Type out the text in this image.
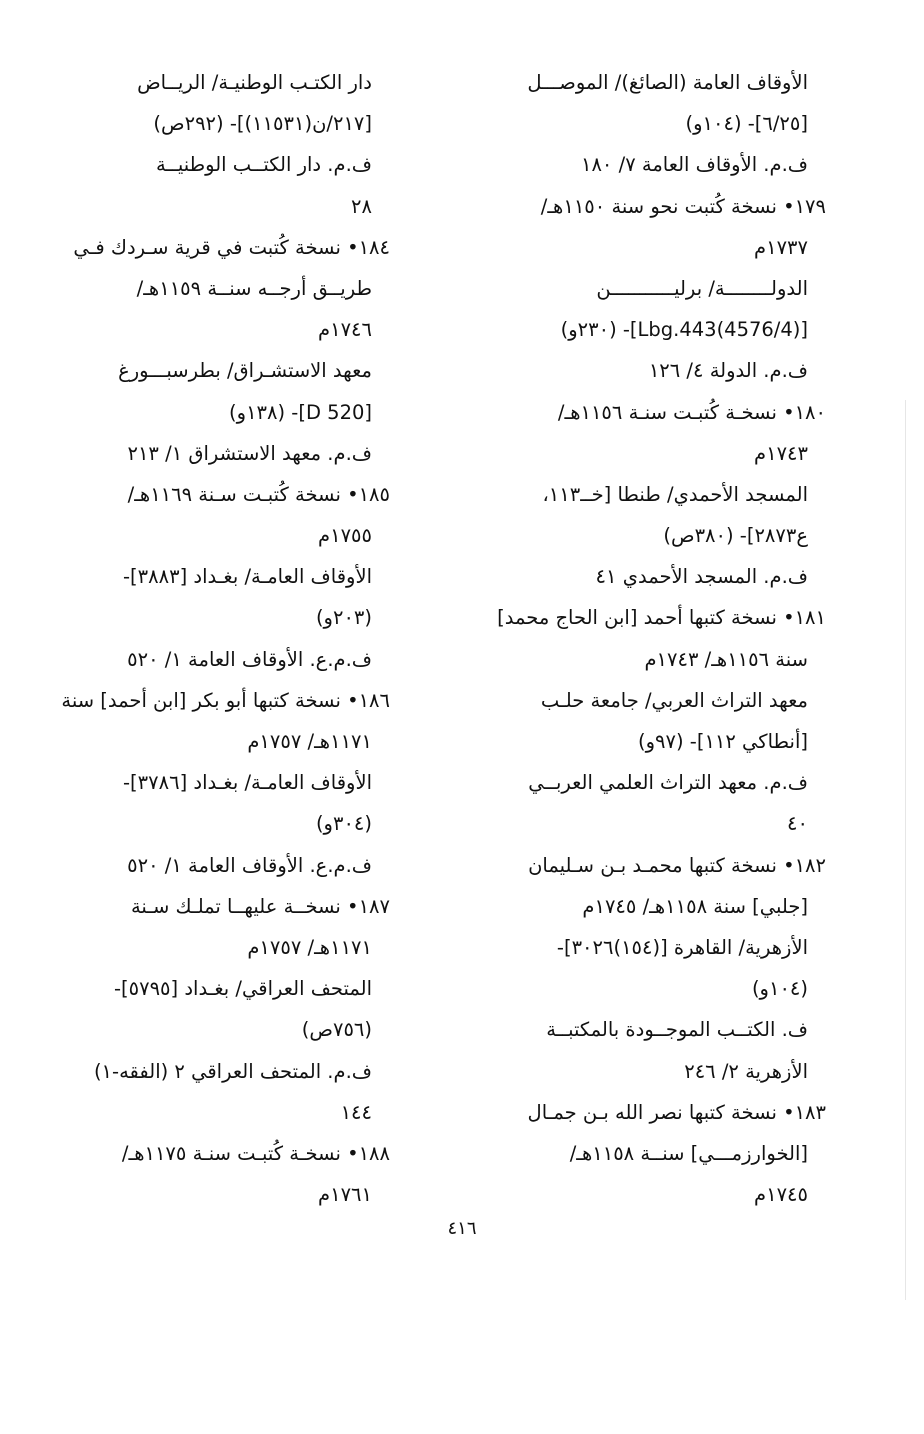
الأوقاف العامة (الصائغ)/ الموصـــل
[٦/٢٥]- (١٠٤و)
ف.م. الأوقاف العامة ٧/ ١٨٠
١٧٩• نسخة كُتبت نحو سنة ١١٥٠هـ/
١٧٣٧م
الدولــــــــة/ برليـــــــــــن
[Lbg.443(4576/4)]- (٢٣٠و)
ف.م. الدولة ٤/ ١٢٦
١٨٠• نسخـة كُتبـت سنـة ١١٥٦هـ/
١٧٤٣م
المسجد الأحمدي/ طنطا [خــ١١٣،
ع٢٨٧٣]- (٣٨٠ص)
ف.م. المسجد الأحمدي ٤١
١٨١• نسخة كتبها أحمد [ابن الحاج محمد]
سنة ١١٥٦هـ/ ١٧٤٣م
معهد التراث العربي/ جامعة حلـب
[أنطاكي ١١٢]- (٩٧و)
ف.م. معهد التراث العلمي العربــي
٤٠
١٨٢• نسخة كتبها محمـد بـن سـليمان
[جلبي] سنة ١١٥٨هـ/ ١٧٤٥م
الأزهرية/ القاهرة [(١٥٤)٣٠٢٦]-
(١٠٤و)
ف. الكتــب الموجــودة بالمكتبــة
الأزهرية ٢/ ٢٤٦
١٨٣• نسخة كتبها نصر الله بـن جمـال
[الخوارزمـــي] سنــة ١١٥٨هـ/
١٧٤٥م
دار الكتـب الوطنيـة/ الريــاض
[٢١٧/ن(١١٥٣١)]- (٢٩٢ص)
ف.م. دار الكتــب الوطنيــة
٢٨
١٨٤• نسخة كُتبت في قرية سـردك فـي
طريــق أرجــه سنــة ١١٥٩هـ/
١٧٤٦م
معهد الاستشـراق/ بطرسبـــورغ
[D 520]- (١٣٨و)
ف.م. معهد الاستشراق ١/ ٢١٣
١٨٥• نسخة كُتبـت سـنة ١١٦٩هـ/
١٧٥٥م
الأوقاف العامـة/ بغـداد [٣٨٨٣]-
(٢٠٣و)
ف.م.ع. الأوقاف العامة ١/ ٥٢٠
١٨٦• نسخة كتبها أبو بكر [ابن أحمد] سنة
١١٧١هـ/ ١٧٥٧م
الأوقاف العامـة/ بغـداد [٣٧٨٦]-
(٣٠٤و)
ف.م.ع. الأوقاف العامة ١/ ٥٢٠
١٨٧• نسخــة عليهــا تملـك سـنة
١١٧١هـ/ ١٧٥٧م
المتحف العراقي/ بغـداد [٥٧٩٥]-
(٧٥٦ص)
ف.م. المتحف العراقي ٢ (الفقه-١)
١٤٤
١٨٨• نسخـة كُتبـت سنـة ١١٧٥هـ/
١٧٦١م
٤١٦
